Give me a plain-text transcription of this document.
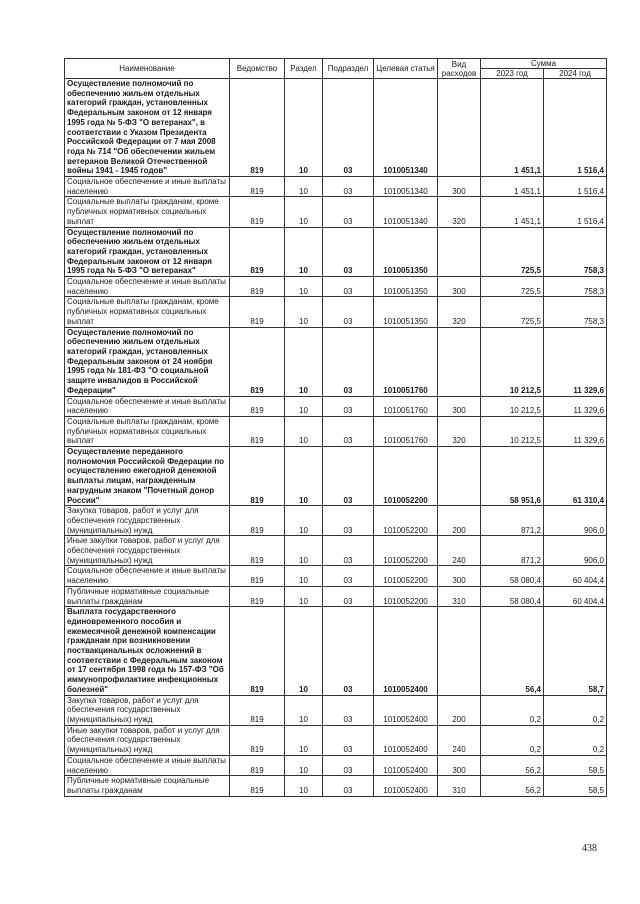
Наименование	Ведомство	Раздел	Подраздел	Целевая статья	Вид расходов	Сумма	
						2023 год	2024 год
Осуществление полномочий по обеспечению жильем отдельных категорий граждан, установленных Федеральным законом от 12 января 1995 года № 5-ФЗ "О ветеранах", в соответствии с Указом Президента Российской Федерации от 7 мая 2008 года № 714 "Об обеспечении жильем ветеранов Великой Отечественной войны 1941 - 1945 годов"	819	10	03	1010051340		1 451,1	1 516,4
Социальное обеспечение и иные выплаты населению	819	10	03	1010051340	300	1 451,1	1 516,4
Социальные выплаты гражданам, кроме публичных нормативных социальных выплат	819	10	03	1010051340	320	1 451,1	1 516,4
Осуществление полномочий по обеспечению жильем отдельных категорий граждан, установленных Федеральным законом от 12 января 1995 года № 5-ФЗ "О ветеранах"	819	10	03	1010051350		725,5	758,3
Социальное обеспечение и иные выплаты населению	819	10	03	1010051350	300	725,5	758,3
Социальные выплаты гражданам, кроме публичных нормативных социальных выплат	819	10	03	1010051350	320	725,5	758,3
Осуществление полномочий по обеспечению жильем отдельных категорий граждан, установленных Федеральным законом от 24 ноября 1995 года № 181-ФЗ "О социальной защите инвалидов в Российской Федерации"	819	10	03	1010051760		10 212,5	11 329,6
Социальное обеспечение и иные выплаты населению	819	10	03	1010051760	300	10 212,5	11 329,6
Социальные выплаты гражданам, кроме публичных нормативных социальных выплат	819	10	03	1010051760	320	10 212,5	11 329,6
Осуществление переданного полномочия Российской Федерации по осуществлению ежегодной денежной выплаты лицам, награжденным нагрудным знаком "Почетный донор России"	819	10	03	1010052200		58 951,6	61 310,4
Закупка товаров, работ и услуг для обеспечения государственных (муниципальных) нужд	819	10	03	1010052200	200	871,2	906,0
Иные закупки товаров, работ и услуг для обеспечения государственных (муниципальных) нужд	819	10	03	1010052200	240	871,2	906,0
Социальное обеспечение и иные выплаты населению	819	10	03	1010052200	300	58 080,4	60 404,4
Публичные нормативные социальные выплаты гражданам	819	10	03	1010052200	310	58 080,4	60 404,4
Выплата государственного единовременного пособия и ежемесячной денежной компенсации гражданам при возникновении поствакцинальных осложнений в соответствии с Федеральным законом от 17 сентября 1998 года № 157-ФЗ "Об иммунопрофилактике инфекционных болезней"	819	10	03	1010052400		56,4	58,7
Закупка товаров, работ и услуг для обеспечения государственных (муниципальных) нужд	819	10	03	1010052400	200	0,2	0,2
Иные закупки товаров, работ и услуг для обеспечения государственных (муниципальных) нужд	819	10	03	1010052400	240	0,2	0,2
Социальное обеспечение и иные выплаты населению	819	10	03	1010052400	300	56,2	58,5
Публичные нормативные социальные выплаты гражданам	819	10	03	1010052400	310	56,2	58,5
438
